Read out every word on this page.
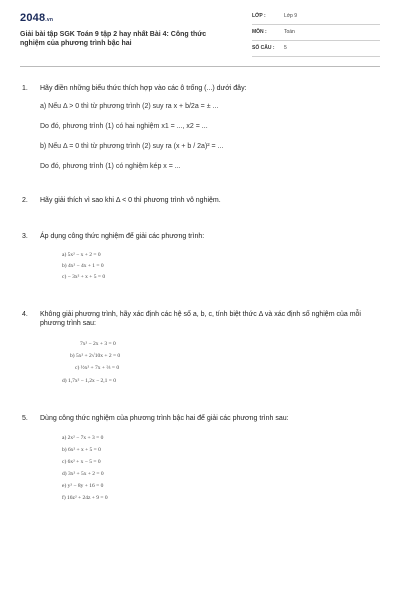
2048.vn
Giải bài tập SGK Toán 9 tập 2 hay nhất Bài 4: Công thức nghiệm của phương trình bậc hai
LỚP :	Lớp 9
MÔN :	Toán
SỐ CÂU : 5
1.	Hãy điền những biểu thức thích hợp vào các ô trống (...) dưới đây:
a) Nếu Δ > 0 thì từ phương trình (2) suy ra x + b/2a = ± ...
Do đó, phương trình (1) có hai nghiệm x1 = ..., x2 = ...
b) Nếu Δ = 0 thì từ phương trình (2) suy ra (x + b / 2a)² = ...
Do đó, phương trình (1) có nghiệm kép x = ...
2.	Hãy giải thích vì sao khi Δ < 0 thì phương trình vô nghiệm.
3.	Áp dụng công thức nghiệm để giải các phương trình:
a) 5x² − x + 2 = 0
b) 4x² − 4x + 1 = 0
c) − 3x² + x + 5 = 0
4.	Không giải phương trình, hãy xác định các hệ số a, b, c, tính biệt thức Δ và xác định số nghiệm của mỗi phương trình sau:
7x² − 2x + 3 = 0
b) 5x² + 2√10x + 2 = 0
c) ½x² + 7x + ⅔ = 0
d) 1,7x² − 1,2x − 2,1 = 0
5.	Dùng công thức nghiệm của phương trình bậc hai để giải các phương trình sau:
a) 2x² − 7x + 3 = 0
b) 6x² + x + 5 = 0
c) 6x² + x − 5 = 0
d) 3x² + 5x + 2 = 0
e) y² − 8y + 16 = 0
f) 16z² + 24z + 9 = 0
